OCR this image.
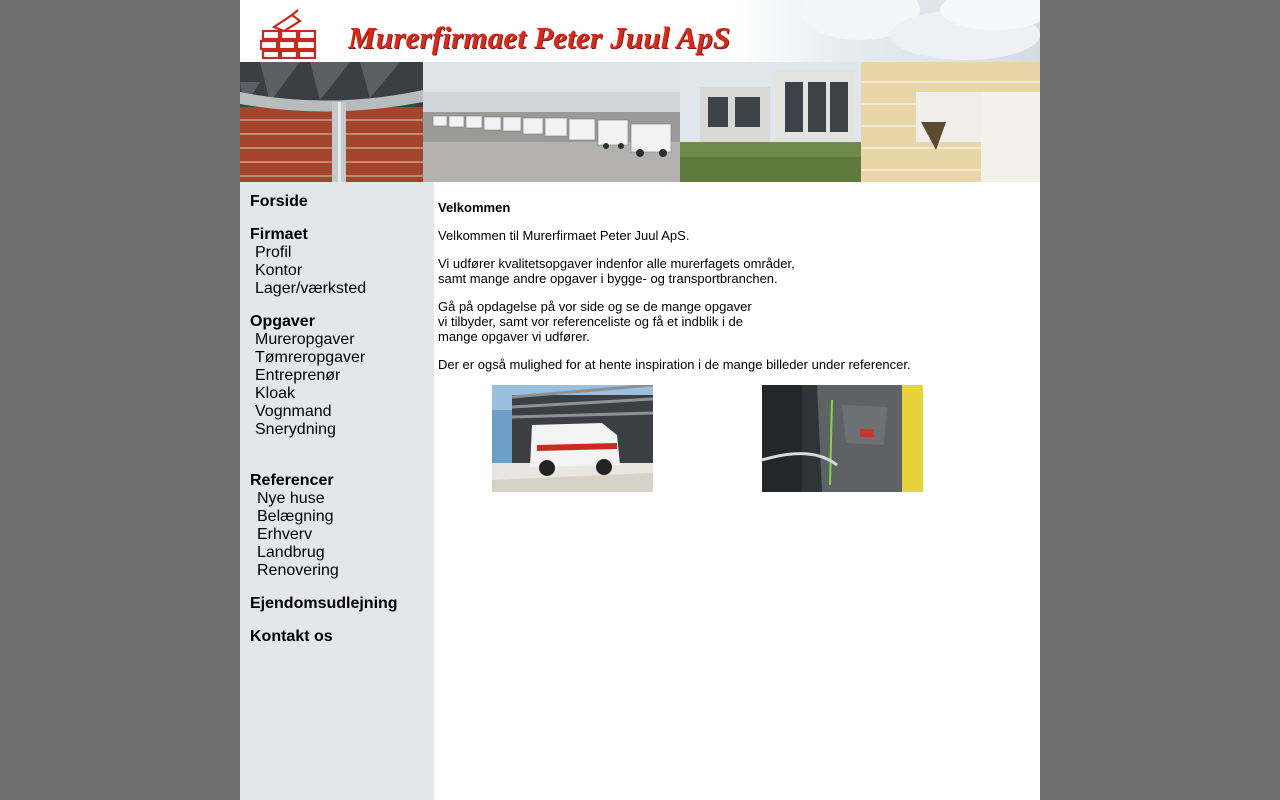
Murerfirmaet Peter Juul ApS
Forside
Firmaet
Profil
Kontor
Lager/værksted
Opgaver
Mureropgaver
Tømreropgaver
Entreprenør
Kloak
Vognmand
Snerydning
Referencer
Nye huse
Belægning
Erhverv
Landbrug
Renovering
Ejendomsudlejning
Kontakt os

Velkommen

Velkommen til Murerfirmaet Peter Juul ApS.

Vi udfører kvalitetsopgaver indenfor alle murerfagets områder,

samt mange andre opgaver i bygge- og transportbranchen.

Gå på opdagelse på vor side og se de mange opgaver

vi tilbyder, samt vor referenceliste og få et indblik i de

mange opgaver vi udfører.

Der er også mulighed for at hente inspiration i de mange billeder under referencer.
